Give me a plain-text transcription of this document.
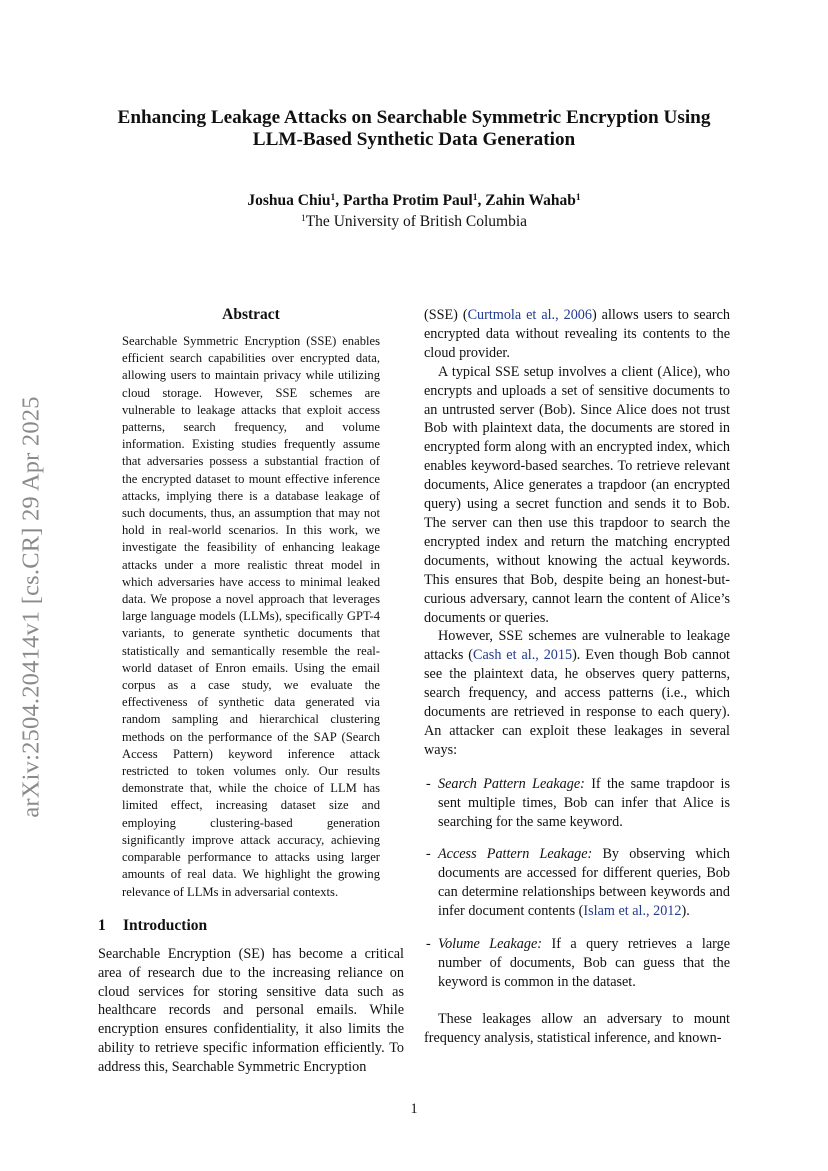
arXiv:2504.20414v1 [cs.CR] 29 Apr 2025
Enhancing Leakage Attacks on Searchable Symmetric Encryption Using
LLM-Based Synthetic Data Generation
Joshua Chiu$^1$, Partha Protim Paul$^1$, Zahin Wahab$^1$
$^1$The University of British Columbia
Abstract

Searchable Symmetric Encryption (SSE) enables efficient search capabilities over encrypted data, allowing users to maintain privacy while utilizing cloud storage. However, SSE schemes are vulnerable to leakage attacks that exploit access patterns, search frequency, and volume information. Existing studies frequently assume that adversaries possess a substantial fraction of the encrypted dataset to mount effective inference attacks, implying there is a database leakage of such documents, thus, an assumption that may not hold in real-world scenarios. In this work, we investigate the feasibility of enhancing leakage attacks under a more realistic threat model in which adversaries have access to minimal leaked data. We propose a novel approach that leverages large language models (LLMs), specifically GPT-4 variants, to generate synthetic documents that statistically and semantically resemble the real-world dataset of Enron emails. Using the email corpus as a case study, we evaluate the effectiveness of synthetic data generated via random sampling and hierarchical clustering methods on the performance of the SAP (Search Access Pattern) keyword inference attack restricted to token volumes only. Our results demonstrate that, while the choice of LLM has limited effect, increasing dataset size and employing clustering-based generation significantly improve attack accuracy, achieving comparable performance to attacks using larger amounts of real data. We highlight the growing relevance of LLMs in adversarial contexts.

1 Introduction

Searchable Encryption (SE) has become a critical area of research due to the increasing reliance on cloud services for storing sensitive data such as healthcare records and personal emails. While encryption ensures confidentiality, it also limits the ability to retrieve specific information efficiently. To address this, Searchable Symmetric Encryption

(SSE) (Curtmola et al., 2006) allows users to search encrypted data without revealing its contents to the cloud provider.

A typical SSE setup involves a client (Alice), who encrypts and uploads a set of sensitive documents to an untrusted server (Bob). Since Alice does not trust Bob with plaintext data, the documents are stored in encrypted form along with an encrypted index, which enables keyword-based searches. To retrieve relevant documents, Alice generates a trapdoor (an encrypted query) using a secret function and sends it to Bob. The server can then use this trapdoor to search the encrypted index and return the matching encrypted documents, without knowing the actual keywords. This ensures that Bob, despite being an honest-but-curious adversary, cannot learn the content of Alice’s documents or queries.

However, SSE schemes are vulnerable to leakage attacks (Cash et al., 2015). Even though Bob cannot see the plaintext data, he observes query patterns, search frequency, and access patterns (i.e., which documents are retrieved in response to each query). An attacker can exploit these leakages in several ways:

- Search Pattern Leakage: If the same trapdoor is sent multiple times, Bob can infer that Alice is searching for the same keyword.
- Access Pattern Leakage: By observing which documents are accessed for different queries, Bob can determine relationships between keywords and infer document contents (Islam et al., 2012).
- Volume Leakage: If a query retrieves a large number of documents, Bob can guess that the keyword is common in the dataset.

These leakages allow an adversary to mount frequency analysis, statistical inference, and known-

1
